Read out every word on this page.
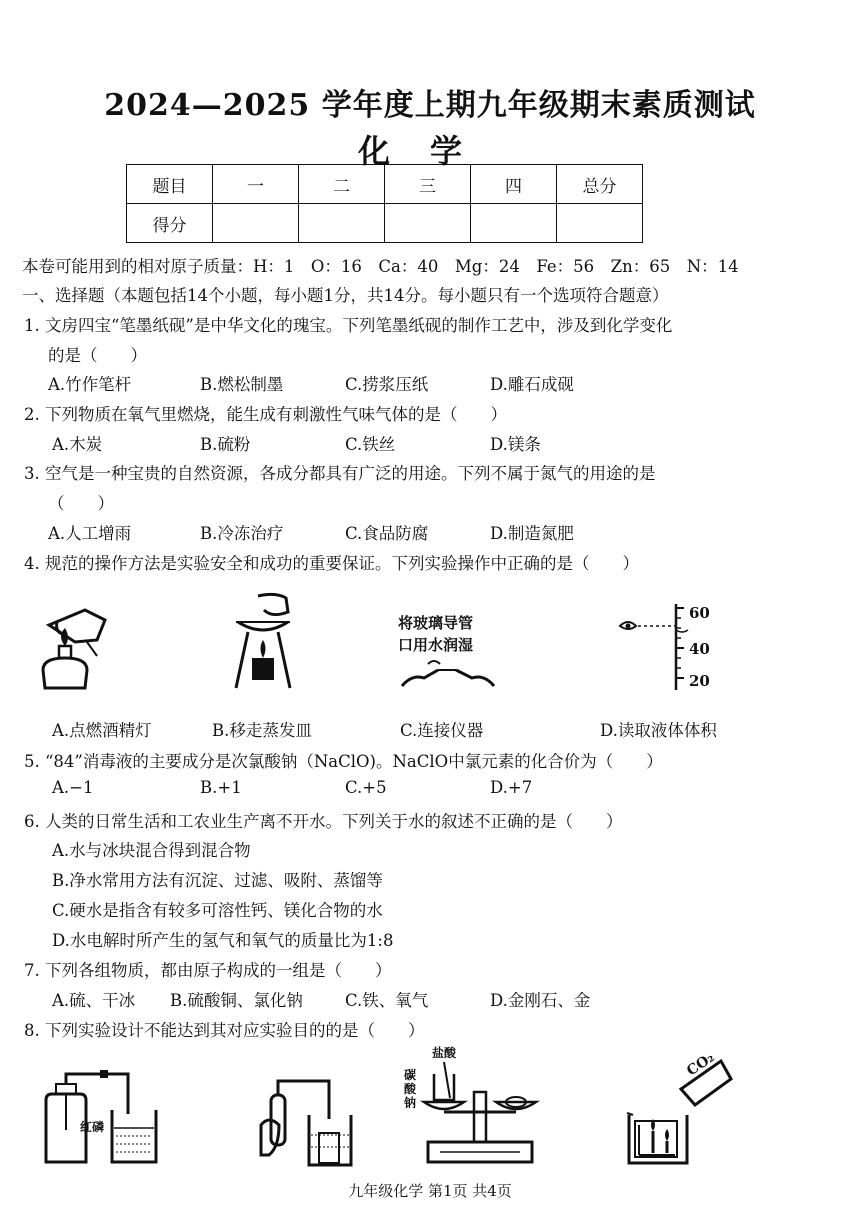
2024—2025 学年度上期九年级期末素质测试
化学
题目	一	二	三	四	总分
得分					
本卷可能用到的相对原子质量：H：1　O：16　Ca：40　Mg：24　Fe：56　Zn：65　N：14
一、选择题（本题包括14个小题，每小题1分，共14分。每小题只有一个选项符合题意）
1. 文房四宝“笔墨纸砚”是中华文化的瑰宝。下列笔墨纸砚的制作工艺中，涉及到化学变化
的是（　　）
A.竹作笔杆	B.燃松制墨	C.捞浆压纸	D.雕石成砚
2. 下列物质在氧气里燃烧，能生成有刺激性气味气体的是（　　）
A.木炭	B.硫粉	C.铁丝	D.镁条
3. 空气是一种宝贵的自然资源，各成分都具有广泛的用途。下列不属于氮气的用途的是
（　　）
A.人工增雨	B.冷冻治疗	C.食品防腐	D.制造氮肥
4. 规范的操作方法是实验安全和成功的重要保证。下列实验操作中正确的是（　　）
将玻璃导管
口用水润湿
60
40
20
A.点燃酒精灯	B.移走蒸发皿	C.连接仪器	D.读取液体体积
5. “84”消毒液的主要成分是次氯酸钠（NaClO)。NaClO中氯元素的化合价为（　　）
A.−1	B.+1	C.+5	D.+7
6. 人类的日常生活和工农业生产离不开水。下列关于水的叙述不正确的是（　　）
A.水与冰块混合得到混合物
B.净水常用方法有沉淀、过滤、吸附、蒸馏等
C.硬水是指含有较多可溶性钙、镁化合物的水
D.水电解时所产生的氢气和氧气的质量比为1:8
7. 下列各组物质，都由原子构成的一组是（　　）
A.硫、干冰 B.硫酸铜、氯化钠	C.铁、氧气	D.金刚石、金
8. 下列实验设计不能达到其对应实验目的的是（　　）
红磷
盐酸
碳
酸
钠
CO₂
九年级化学 第1页 共4页
